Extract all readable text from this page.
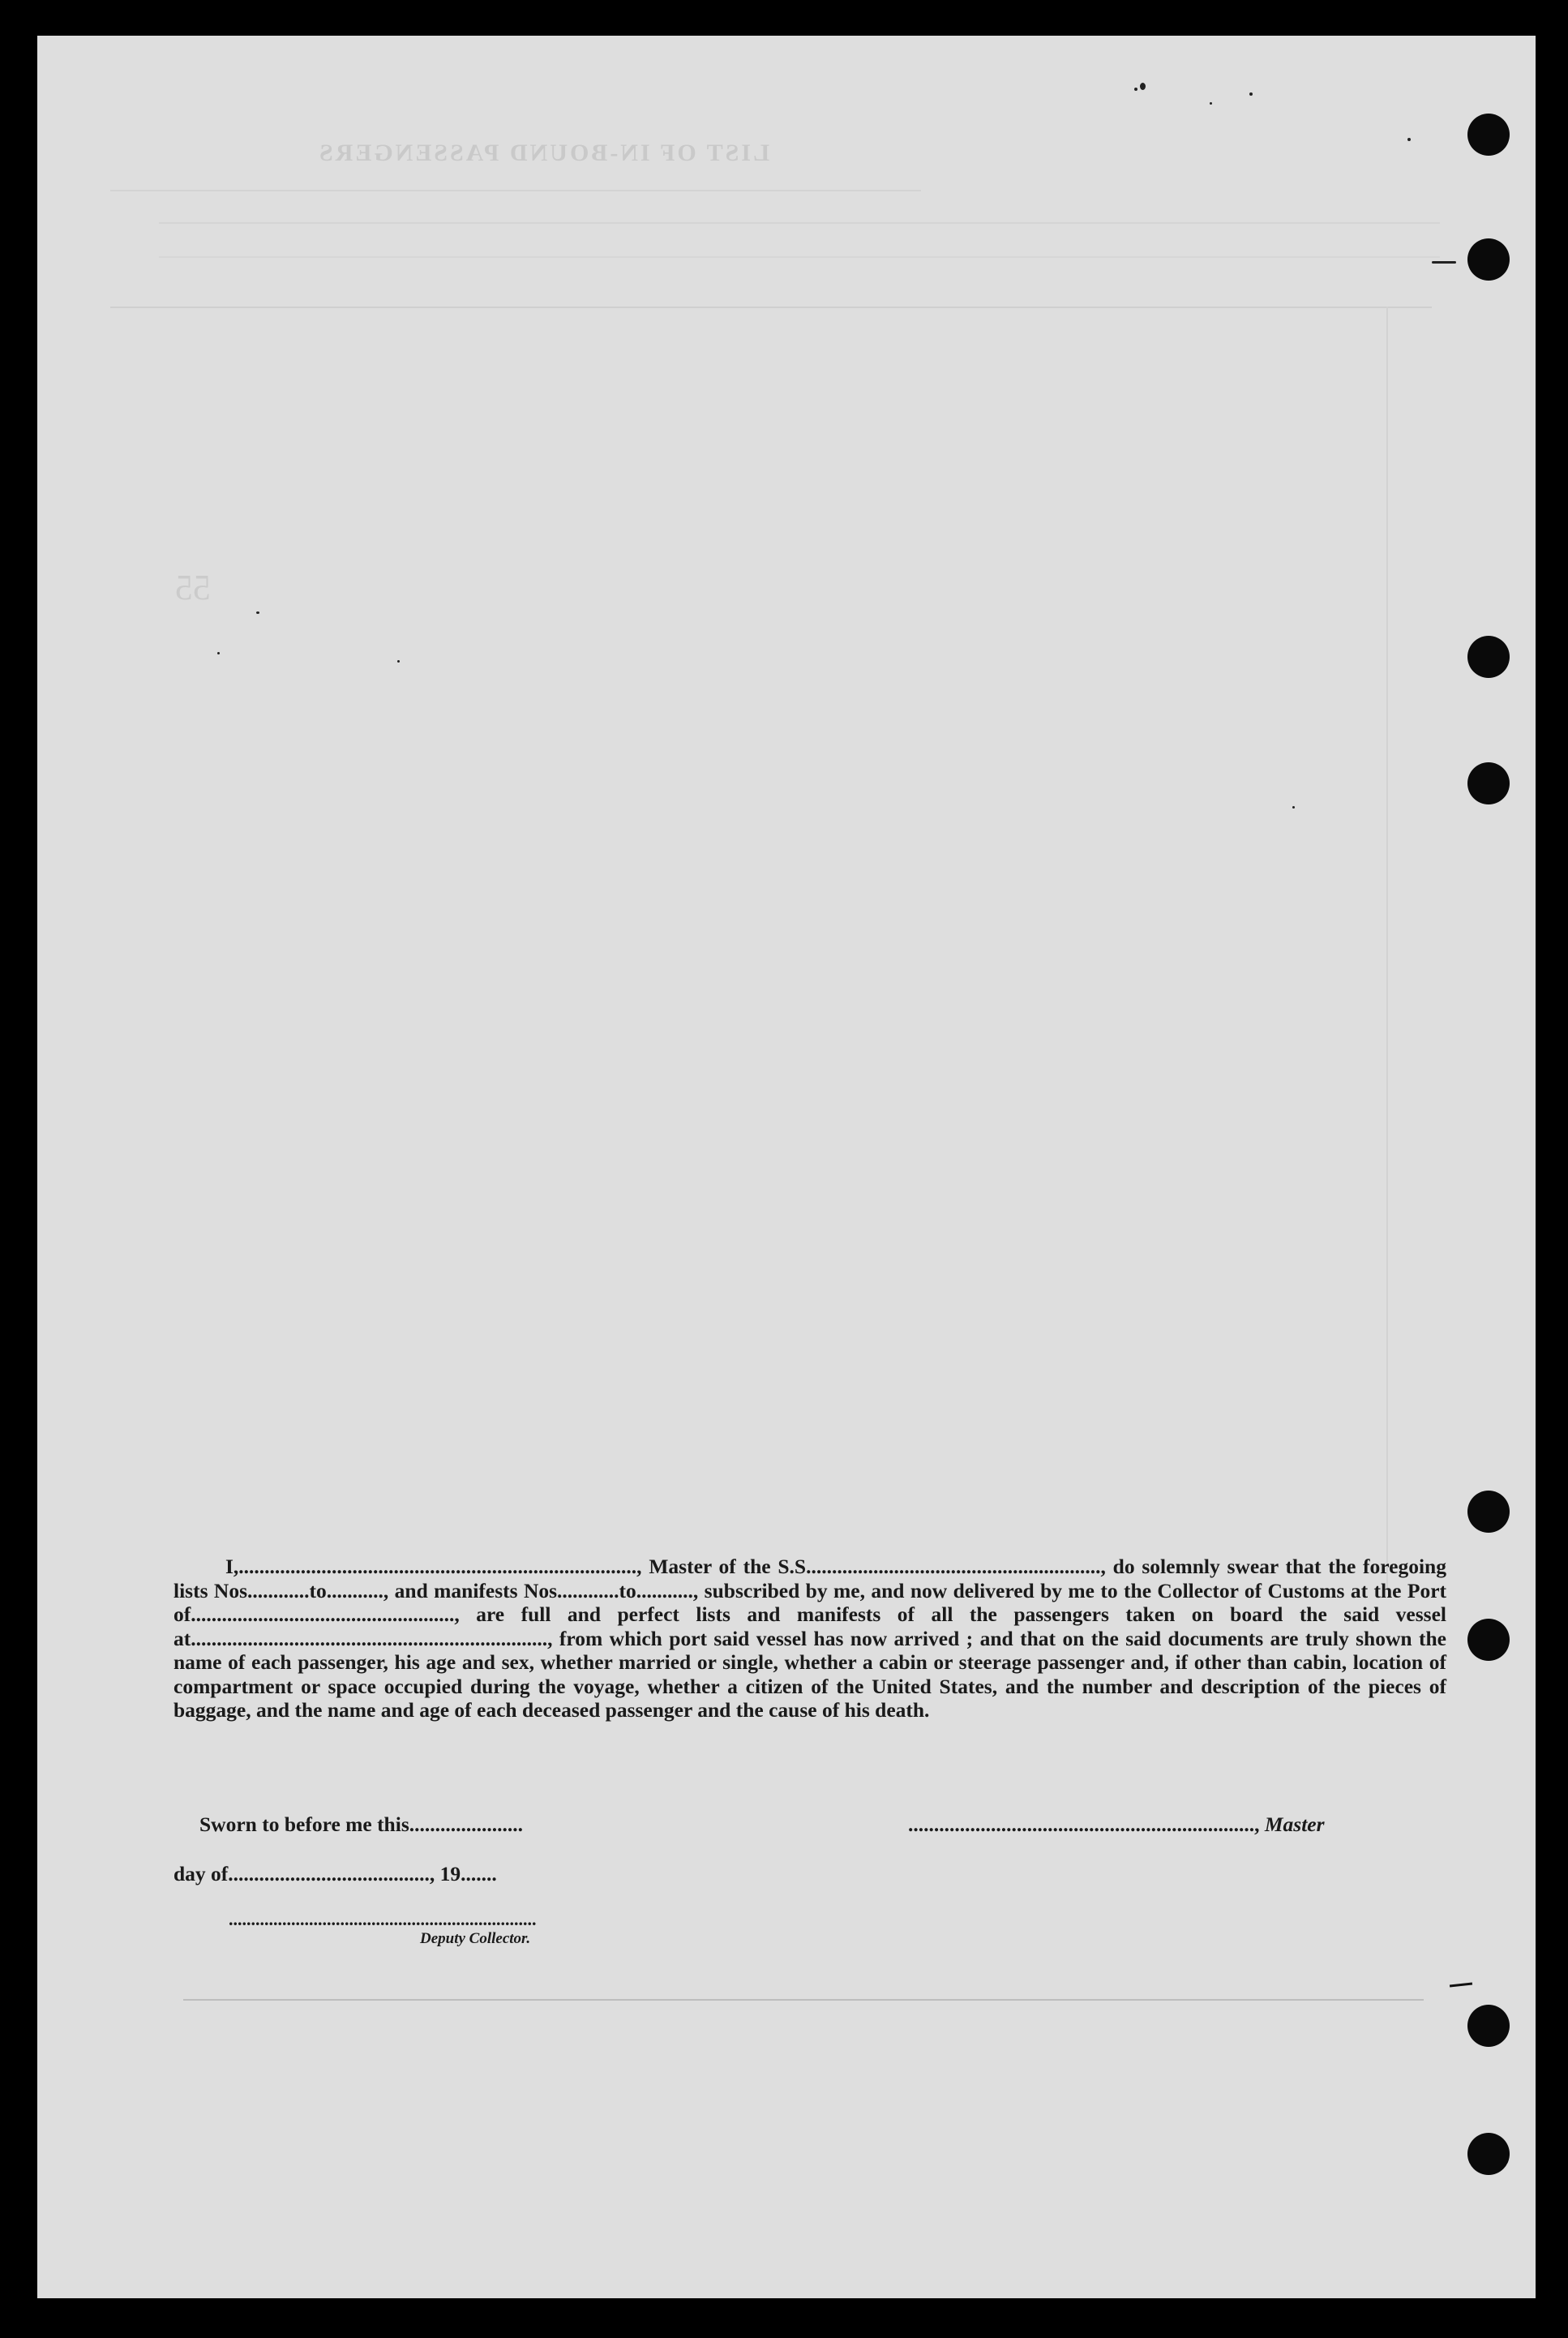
LIST OF IN-BOUND PASSENGERS
55

I,............................................................................., Master of the S.S........................................................., do solemnly swear that the foregoing lists Nos............to..........., and manifests Nos............to..........., subscribed by me, and now delivered by me to the Collector of Customs at the Port of..................................................., are full and perfect lists and manifests of all the passengers taken on board the said vessel at....................................................................., from which port said vessel has now arrived ; and that on the said documents are truly shown the name of each passenger, his age and sex, whether married or single, whether a cabin or steerage passenger and, if other than cabin, location of compartment or space occupied during the voyage, whether a citizen of the United States, and the number and description of the pieces of baggage, and the name and age of each deceased passenger and the cause of his death.

Sworn to before me this......................
day of......................................., 19.......
..................................................................., Master
.....................................................................
Deputy Collector.
